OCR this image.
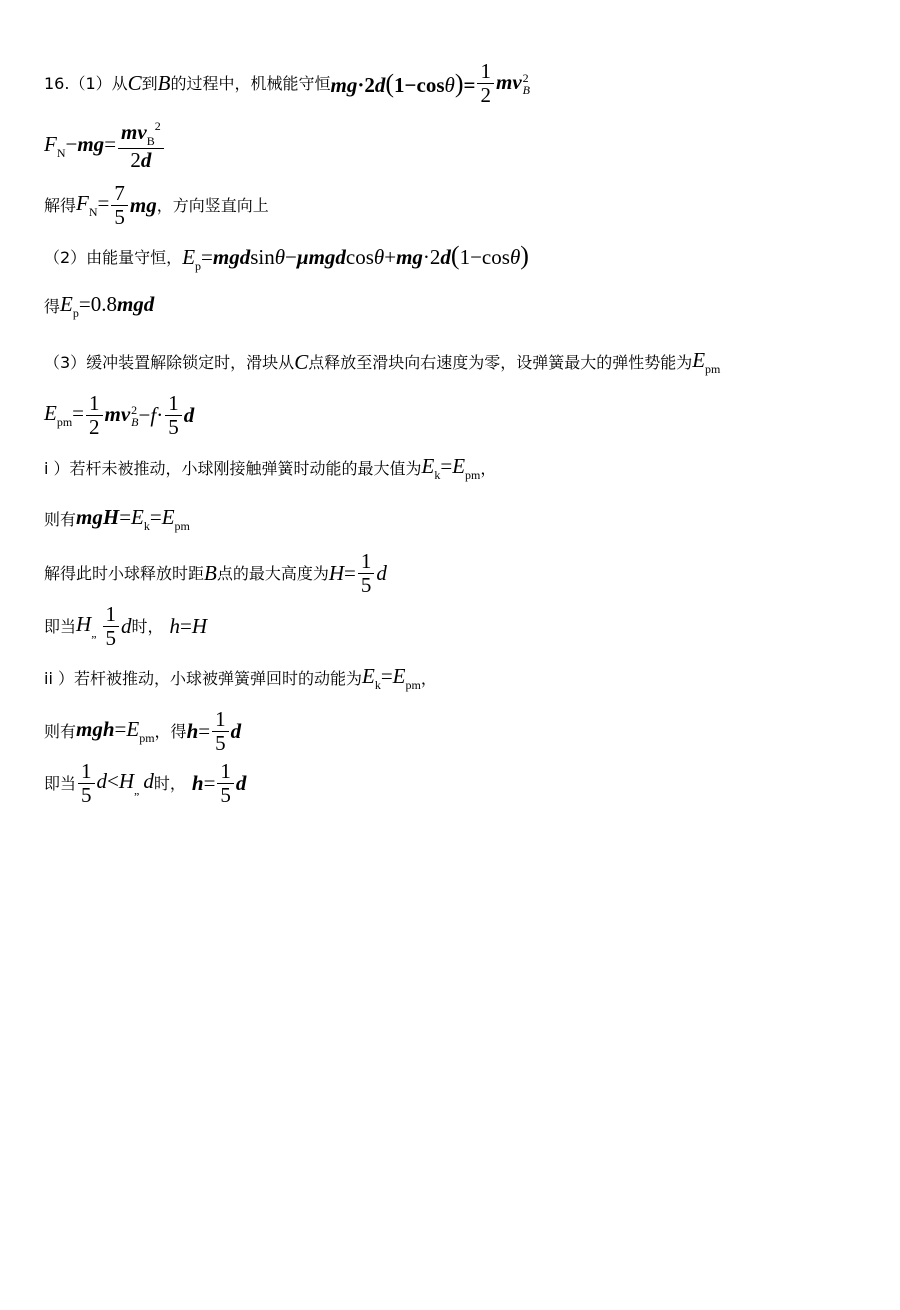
16.（1）从 C 到 B 的过程中，机械能守恒 $mg\cdot 2d(1-\cos\theta)= \frac{1}{2}$ mv 2
B
$F_N-mg= \frac{mv_B^2}{2d}$
解得 $F_N= \frac{7}{5}$ mg ，方向竖直向上
（2）由能量守恒， $E_p=mgdsin\theta-\mu mgdcos\theta+mg\cdot 2d(1-\cos\theta)$
得 $E_p=0.8mgd$
（3）缓冲装置解除锁定时，滑块从 C 点释放至滑块向右速度为零，设弹簧最大的弹性势能为 $E_{pm}$
$E_{pm}= \frac{1}{2}$ mv 2
$B -f\cdot \frac{1}{5}$ d
i ）若杆未被推动，小球刚接触弹簧时动能的最大值为 $E_k=E_{pm}$ ，
则有 $mgH=E_k=E_{pm}$
解得此时小球释放时距 B 点的最大高度为 $H= \frac{1}{5}$ d
即当 $H_„ \frac{1}{5}$ d 时， h=H
ii ）若杆被推动，小球被弹簧弹回时的动能为 $E_k=E_{pm}$ ，
则有 $mgh=E_{pm}$ ，得 $h= \frac{1}{5}$ d
即当 $\frac{1}{5} d<H_„$ d 时， $h= \frac{1}{5}$ d
